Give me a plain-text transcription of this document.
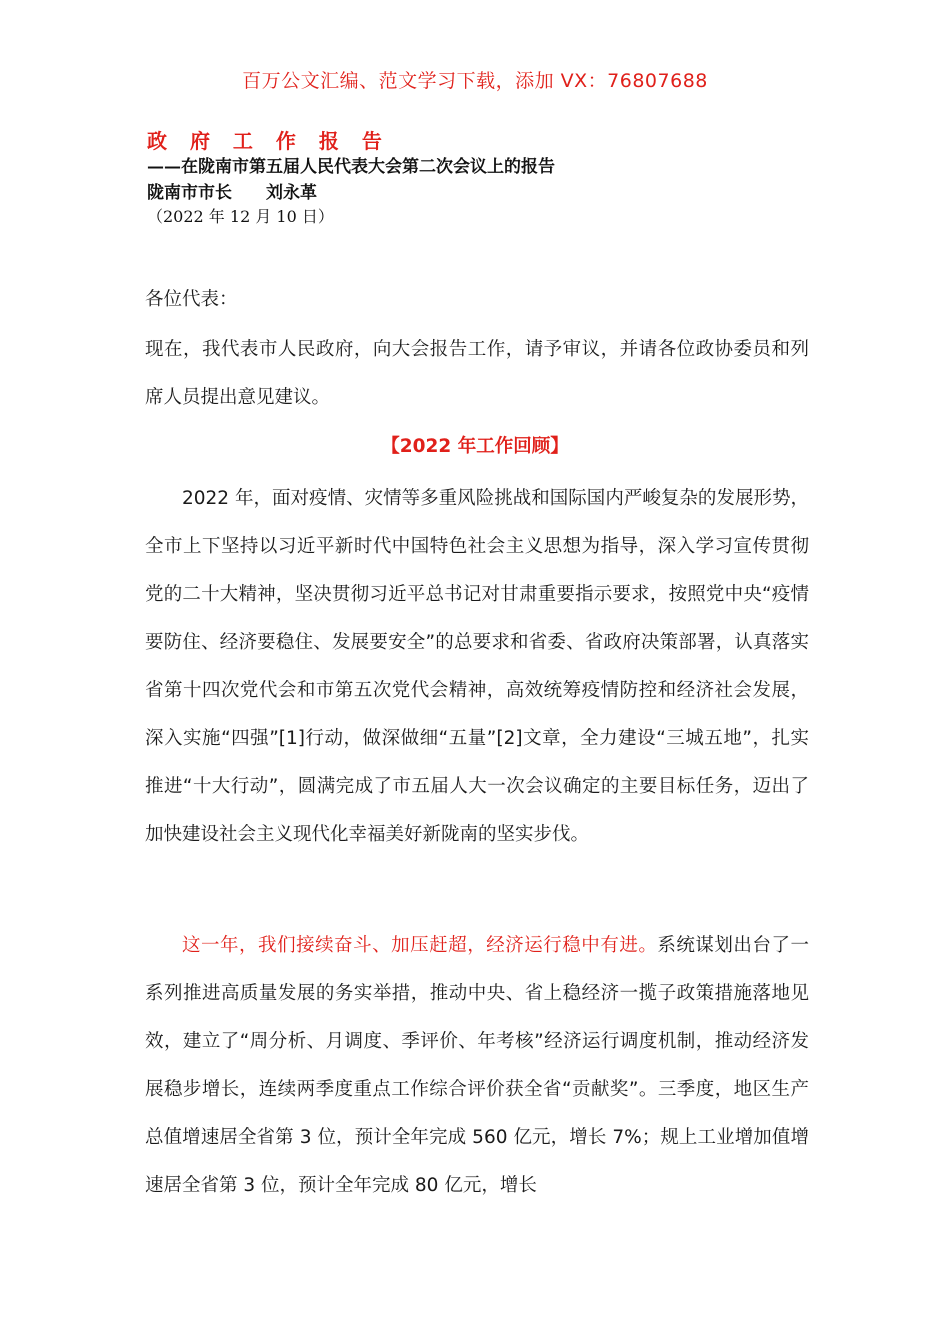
百万公文汇编、范文学习下载，添加 VX：76807688
政 府 工 作 报 告
——在陇南市第五届人民代表大会第二次会议上的报告
陇南市市长　　刘永革
（2022 年 12 月 10 日）
各位代表：
现在，我代表市人民政府，向大会报告工作，请予审议，并请各位政协委员和列席人员提出意见建议。
【2022 年工作回顾】
2022 年，面对疫情、灾情等多重风险挑战和国际国内严峻复杂的发展形势，全市上下坚持以习近平新时代中国特色社会主义思想为指导，深入学习宣传贯彻党的二十大精神，坚决贯彻习近平总书记对甘肃重要指示要求，按照党中央“疫情要防住、经济要稳住、发展要安全”的总要求和省委、省政府决策部署，认真落实省第十四次党代会和市第五次党代会精神，高效统筹疫情防控和经济社会发展，深入实施“四强”[1]行动，做深做细“五量”[2]文章，全力建设“三城五地”，扎实推进“十大行动”，圆满完成了市五届人大一次会议确定的主要目标任务，迈出了加快建设社会主义现代化幸福美好新陇南的坚实步伐。
这一年，我们接续奋斗、加压赶超，经济运行稳中有进。系统谋划出台了一系列推进高质量发展的务实举措，推动中央、省上稳经济一揽子政策措施落地见效，建立了“周分析、月调度、季评价、年考核”经济运行调度机制，推动经济发展稳步增长，连续两季度重点工作综合评价获全省“贡献奖”。三季度，地区生产总值增速居全省第 3 位，预计全年完成 560 亿元，增长 7%；规上工业增加值增速居全省第 3 位，预计全年完成 80 亿元，增长
